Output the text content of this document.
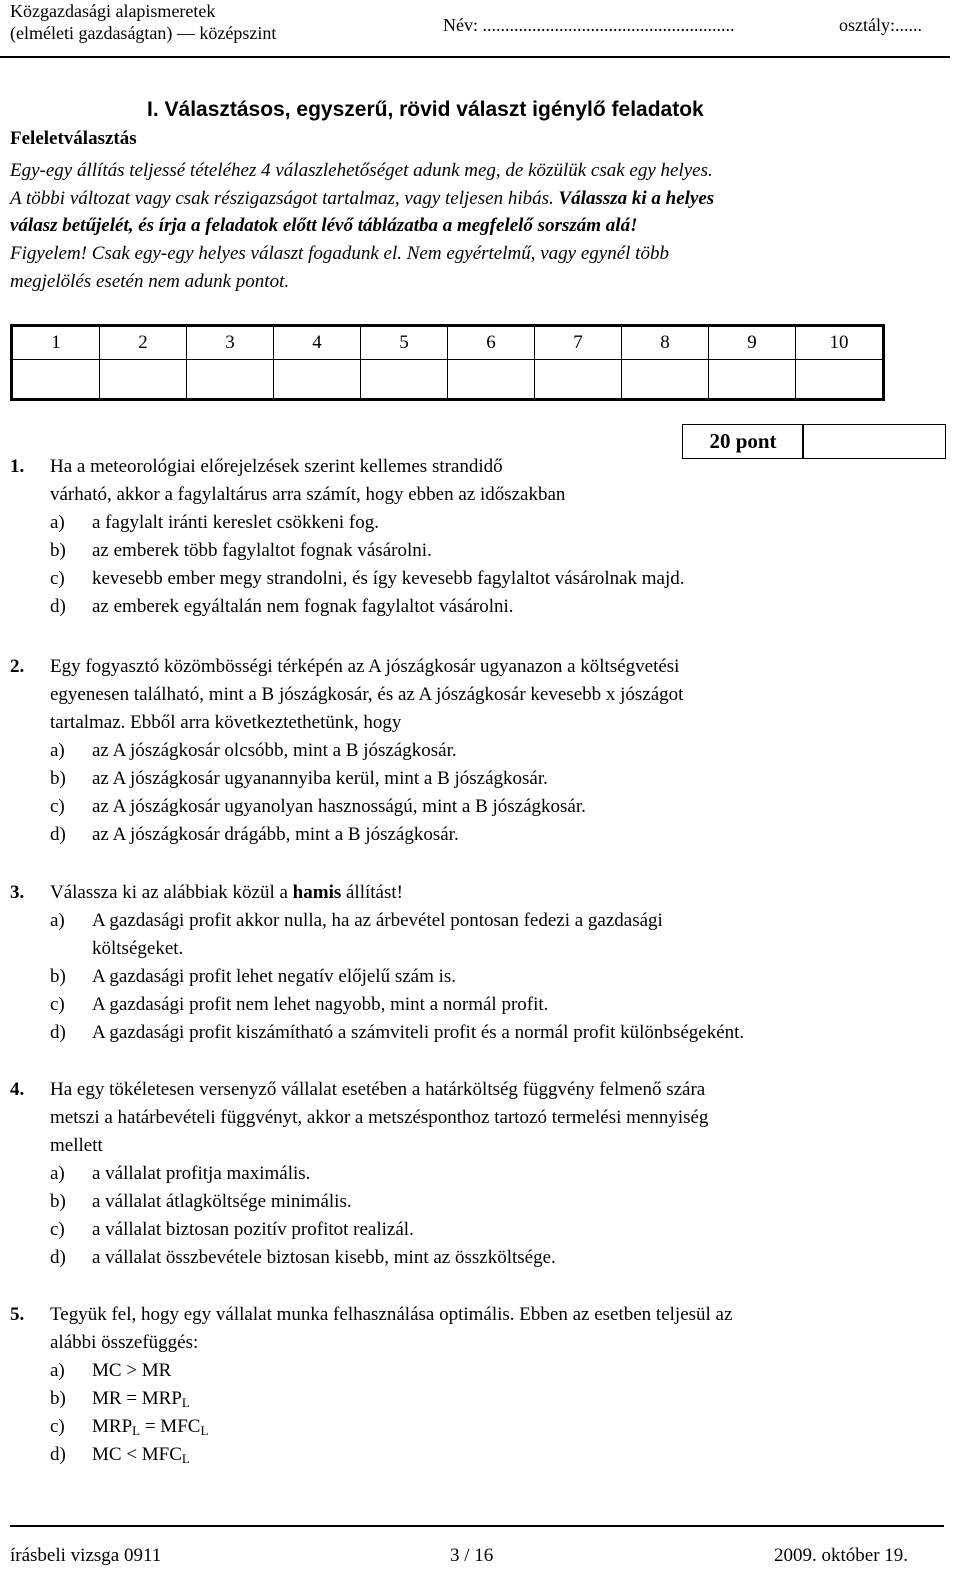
Közgazdasági alapismeretek
(elméleti gazdaságtan) — középszint	Név: ........................................................	osztály:......
I. Választásos, egyszerű, rövid választ igénylő feladatok
Feleletválasztás
Egy-egy állítás teljessé tételéhez 4 válaszlehetőséget adunk meg, de közülük csak egy helyes.
A többi változat vagy csak részigazságot tartalmaz, vagy teljesen hibás. Válassza ki a helyes
válasz betűjelét, és írja a feladatok előtt lévő táblázatba a megfelelő sorszám alá!
Figyelem! Csak egy-egy helyes választ fogadunk el. Nem egyértelmű, vagy egynél több
megjelölés esetén nem adunk pontot.
1	2	3	4	5	6	7	8	9	10

20 pont
1. Ha a meteorológiai előrejelzések szerint kellemes strandidő
várható, akkor a fagylaltárus arra számít, hogy ebben az időszakban
a) a fagylalt iránti kereslet csökkeni fog.
b) az emberek több fagylaltot fognak vásárolni.
c) kevesebb ember megy strandolni, és így kevesebb fagylaltot vásárolnak majd.
d) az emberek egyáltalán nem fognak fagylaltot vásárolni.
2. Egy fogyasztó közömbösségi térképén az A jószágkosár ugyanazon a költségvetési
egyenesen található, mint a B jószágkosár, és az A jószágkosár kevesebb x jószágot
tartalmaz. Ebből arra következtethetünk, hogy
a) az A jószágkosár olcsóbb, mint a B jószágkosár.
b) az A jószágkosár ugyanannyiba kerül, mint a B jószágkosár.
c) az A jószágkosár ugyanolyan hasznosságú, mint a B jószágkosár.
d) az A jószágkosár drágább, mint a B jószágkosár.
3. Válassza ki az alábbiak közül a hamis állítást!
a) A gazdasági profit akkor nulla, ha az árbevétel pontosan fedezi a gazdasági
költségeket.
b) A gazdasági profit lehet negatív előjelű szám is.
c) A gazdasági profit nem lehet nagyobb, mint a normál profit.
d) A gazdasági profit kiszámítható a számviteli profit és a normál profit különbségeként.
4. Ha egy tökéletesen versenyző vállalat esetében a határköltség függvény felmenő szára
metszi a határbevételi függvényt, akkor a metszésponthoz tartozó termelési mennyiség
mellett
a) a vállalat profitja maximális.
b) a vállalat átlagköltsége minimális.
c) a vállalat biztosan pozitív profitot realizál.
d) a vállalat összbevétele biztosan kisebb, mint az összköltsége.
5. Tegyük fel, hogy egy vállalat munka felhasználása optimális. Ebben az esetben teljesül az
alábbi összefüggés:
a) MC > MR
b) MR = $MRP_L$
c) $MRP_L = MFC_L$
d) MC < $MFC_L$
írásbeli vizsga 0911	3 / 16	2009. október 19.
